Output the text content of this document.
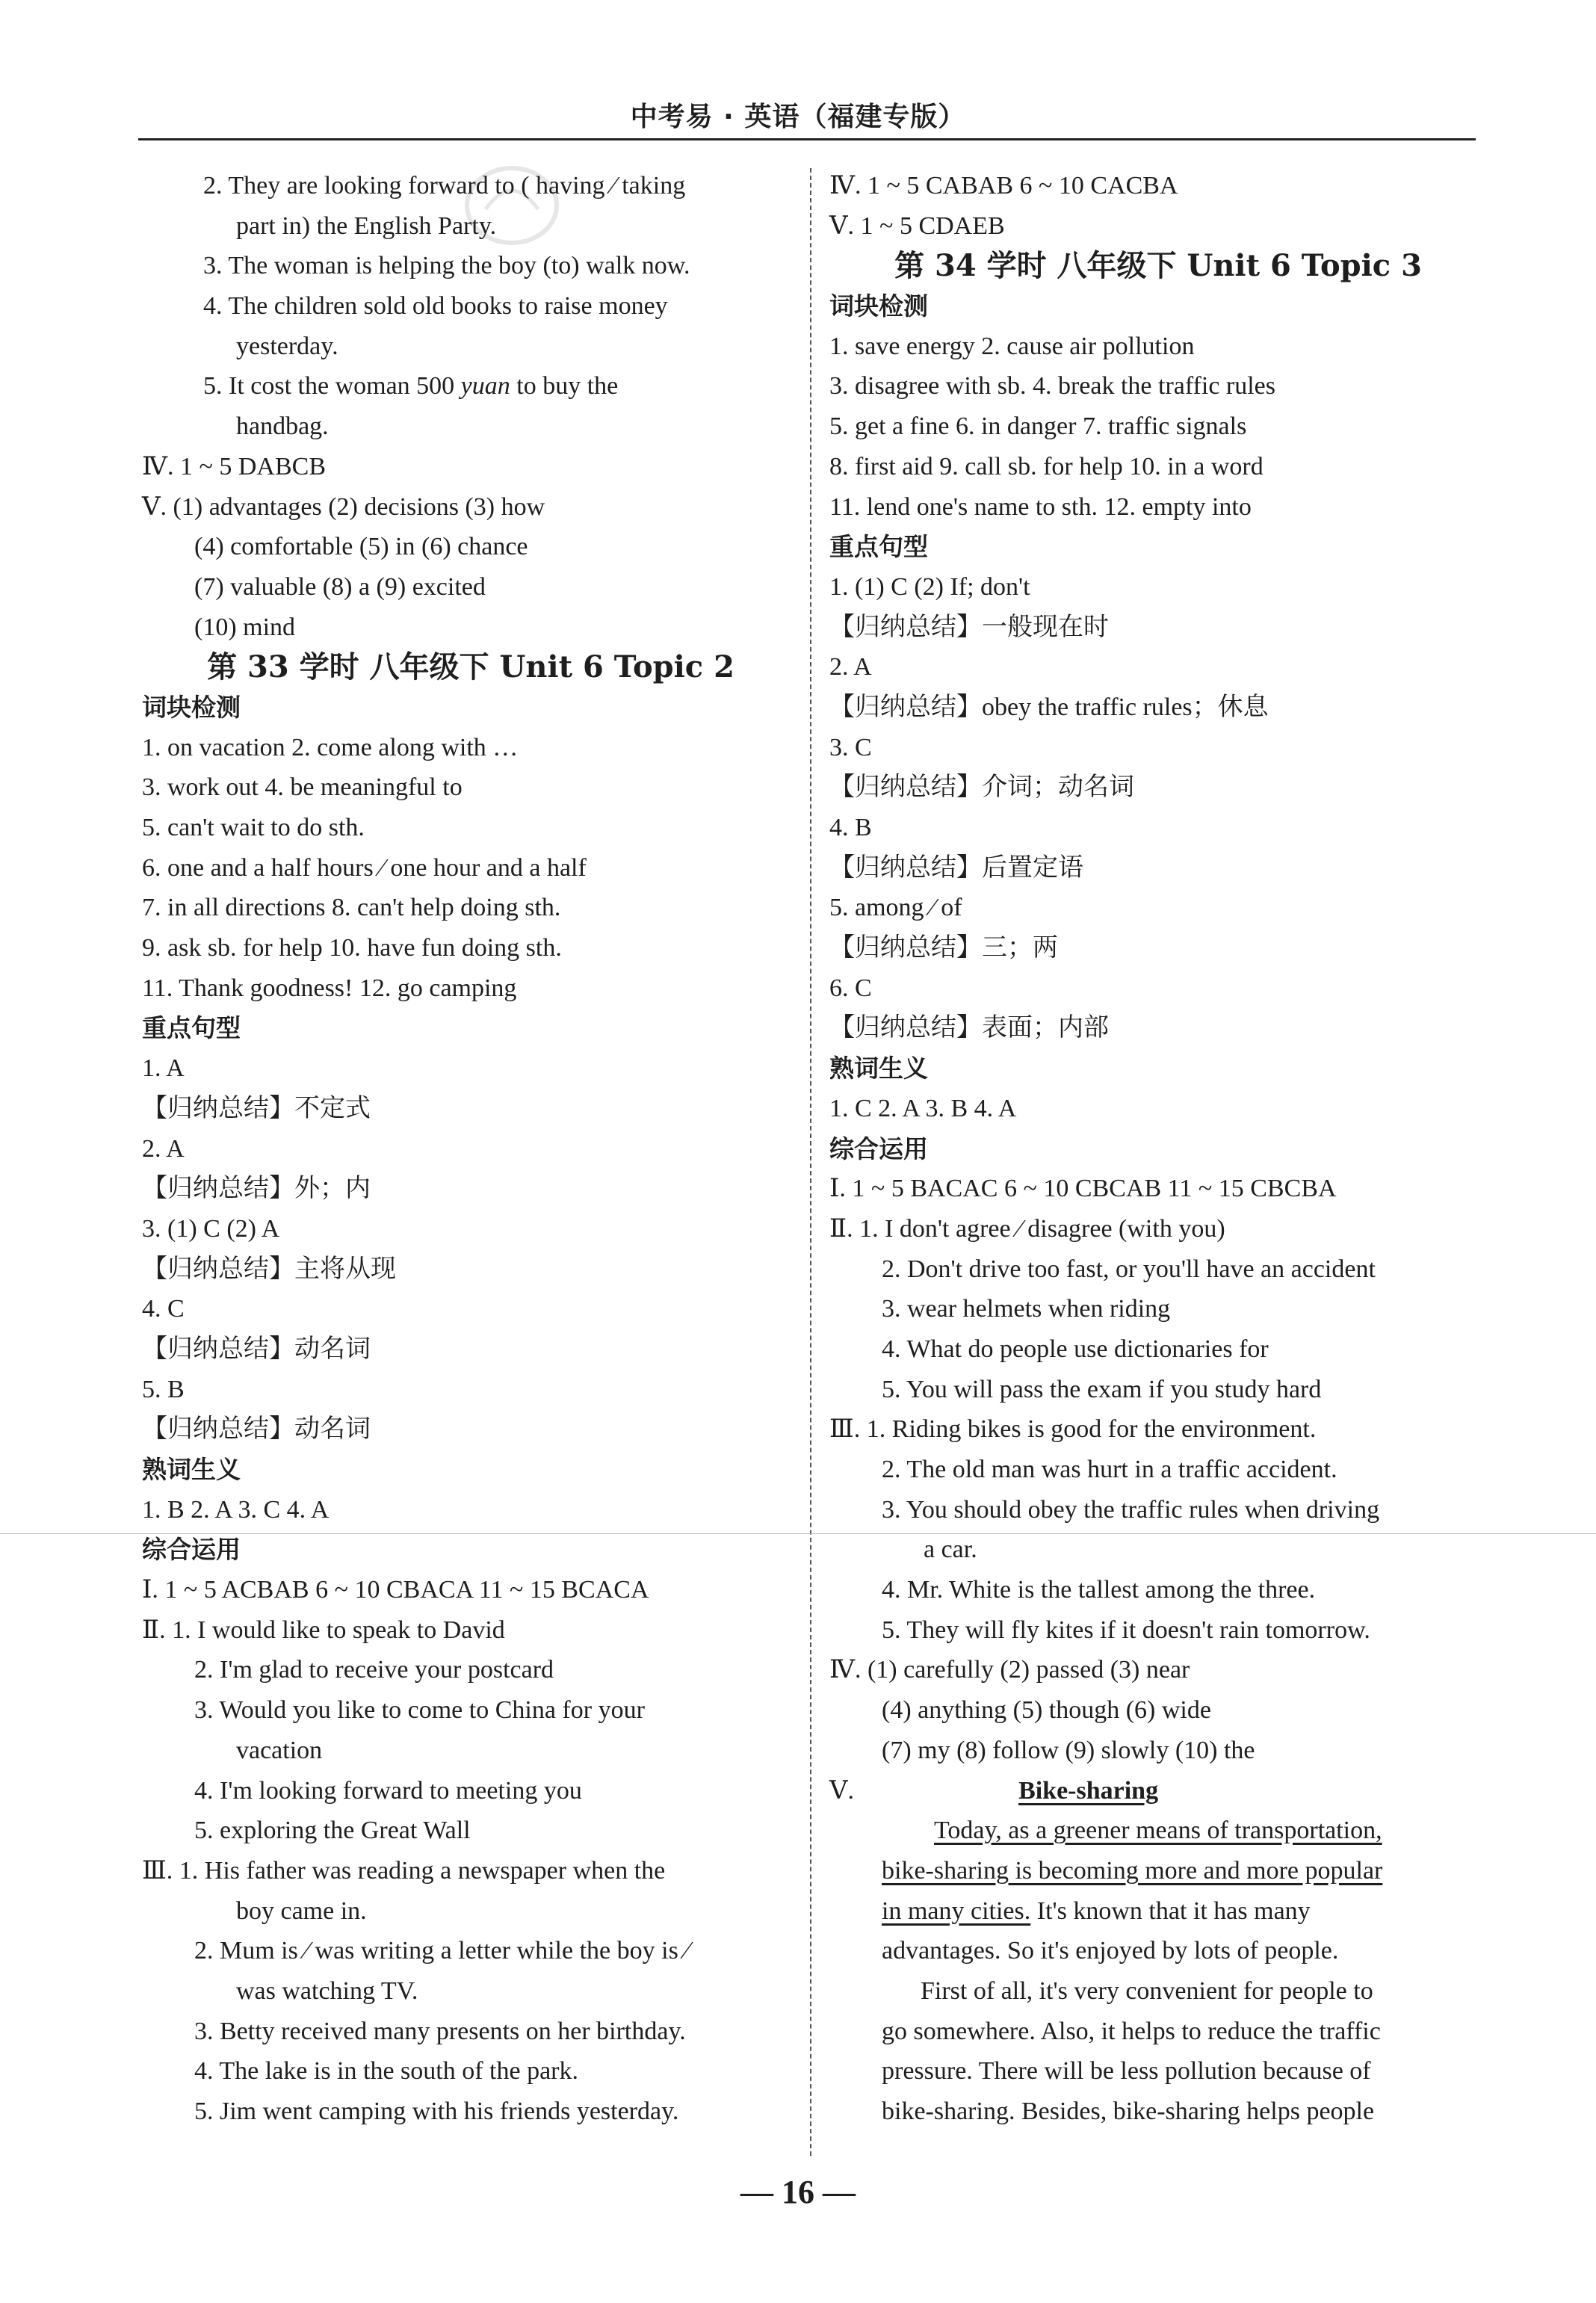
中考易 · 英语（福建专版）
2. They are looking forward to ( having ⁄ taking
part in) the English Party.
3. The woman is helping the boy (to) walk now.
4. The children sold old books to raise money
yesterday.
5. It cost the woman 500 yuan to buy the
handbag.
Ⅳ. 1 ~ 5 DABCB
Ⅴ. (1) advantages (2) decisions (3) how
(4) comfortable (5) in (6) chance
(7) valuable (8) a (9) excited
(10) mind
第 33 学时 八年级下 Unit 6 Topic 2
词块检测
1. on vacation 2. come along with …
3. work out 4. be meaningful to
5. can't wait to do sth.
6. one and a half hours ⁄ one hour and a half
7. in all directions 8. can't help doing sth.
9. ask sb. for help 10. have fun doing sth.
11. Thank goodness! 12. go camping
重点句型
1. A
【归纳总结】不定式
2. A
【归纳总结】外；内
3. (1) C (2) A
【归纳总结】主将从现
4. C
【归纳总结】动名词
5. B
【归纳总结】动名词
熟词生义
1. B 2. A 3. C 4. A
综合运用
Ⅰ. 1 ~ 5 ACBAB 6 ~ 10 CBACA 11 ~ 15 BCACA
Ⅱ. 1. I would like to speak to David
2. I'm glad to receive your postcard
3. Would you like to come to China for your
vacation
4. I'm looking forward to meeting you
5. exploring the Great Wall
Ⅲ. 1. His father was reading a newspaper when the
boy came in.
2. Mum is ⁄ was writing a letter while the boy is ⁄
was watching TV.
3. Betty received many presents on her birthday.
4. The lake is in the south of the park.
5. Jim went camping with his friends yesterday.
Ⅳ. 1 ~ 5 CABAB 6 ~ 10 CACBA
Ⅴ. 1 ~ 5 CDAEB
第 34 学时 八年级下 Unit 6 Topic 3
词块检测
1. save energy 2. cause air pollution
3. disagree with sb. 4. break the traffic rules
5. get a fine 6. in danger 7. traffic signals
8. first aid 9. call sb. for help 10. in a word
11. lend one's name to sth. 12. empty into
重点句型
1. (1) C (2) If; don't
【归纳总结】一般现在时
2. A
【归纳总结】obey the traffic rules；休息
3. C
【归纳总结】介词；动名词
4. B
【归纳总结】后置定语
5. among ⁄ of
【归纳总结】三；两
6. C
【归纳总结】表面；内部
熟词生义
1. C 2. A 3. B 4. A
综合运用
Ⅰ. 1 ~ 5 BACAC 6 ~ 10 CBCAB 11 ~ 15 CBCBA
Ⅱ. 1. I don't agree ⁄ disagree (with you)
2. Don't drive too fast, or you'll have an accident
3. wear helmets when riding
4. What do people use dictionaries for
5. You will pass the exam if you study hard
Ⅲ. 1. Riding bikes is good for the environment.
2. The old man was hurt in a traffic accident.
3. You should obey the traffic rules when driving
a car.
4. Mr. White is the tallest among the three.
5. They will fly kites if it doesn't rain tomorrow.
Ⅳ. (1) carefully (2) passed (3) near
(4) anything (5) though (6) wide
(7) my (8) follow (9) slowly (10) the
Ⅴ.	Bike-sharing
Today, as a greener means of transportation,
bike-sharing is becoming more and more popular
in many cities. It's known that it has many
advantages. So it's enjoyed by lots of people.
First of all, it's very convenient for people to
go somewhere. Also, it helps to reduce the traffic
pressure. There will be less pollution because of
bike-sharing. Besides, bike-sharing helps people
— 16 —
